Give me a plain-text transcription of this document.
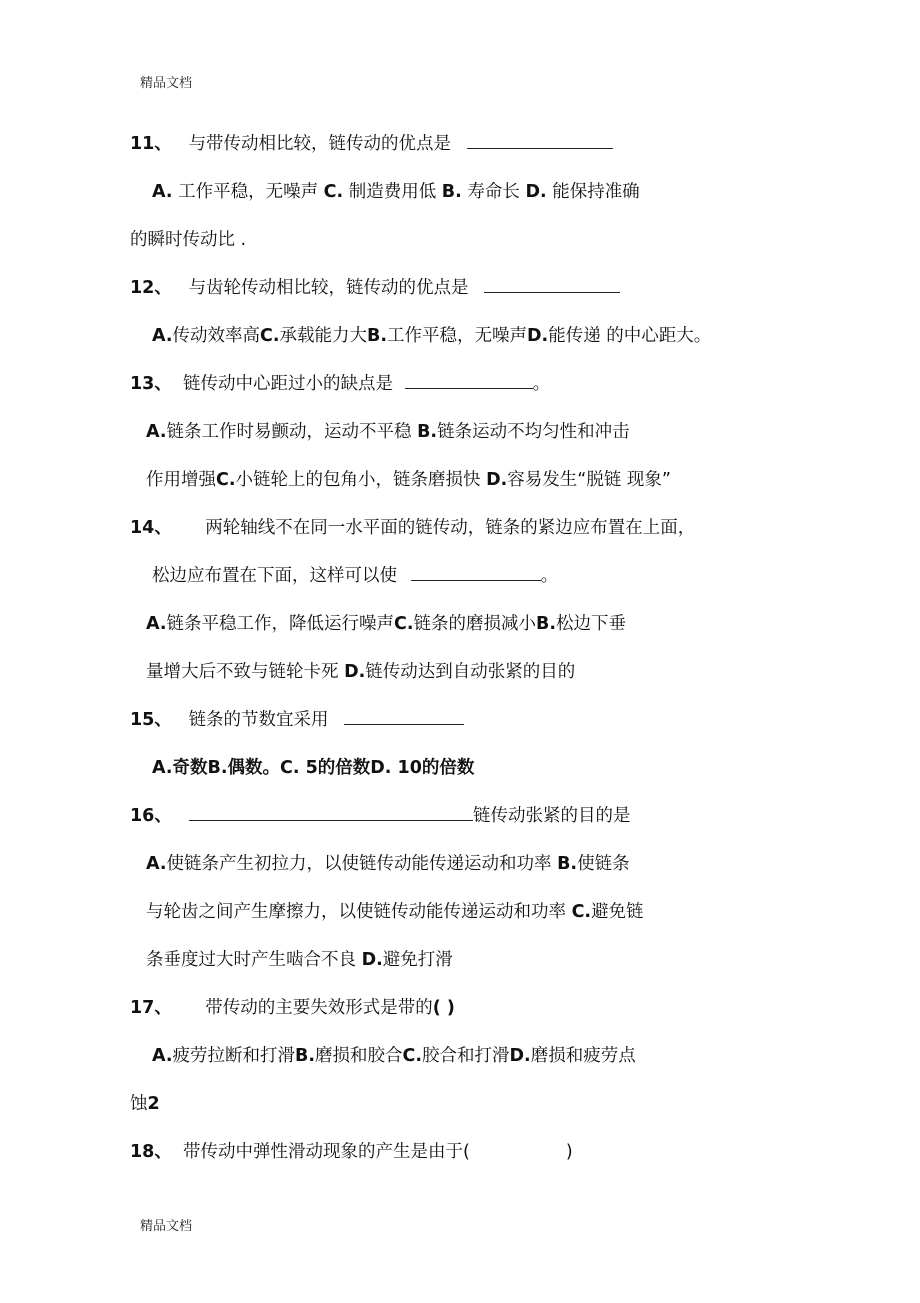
精品文档
11、 与带传动相比较，链传动的优点是
A. 工作平稳，无噪声 C. 制造费用低 B. 寿命长 D. 能保持准确
的瞬时传动比 .
12、 与齿轮传动相比较，链传动的优点是
A.传动效率高C.承载能力大B.工作平稳，无噪声D.能传递 的中心距大。
13、 链传动中心距过小的缺点是	。
A.链条工作时易颤动，运动不平稳 B.链条运动不均匀性和冲击
作用增强C.小链轮上的包角小，链条磨损快 D.容易发生“脱链 现象”
14、 两轮轴线不在同一水平面的链传动，链条的紧边应布置在上面，
松边应布置在下面，这样可以使	。
A.链条平稳工作，降低运行噪声C.链条的磨损减小B.松边下垂
量增大后不致与链轮卡死 D.链传动达到自动张紧的目的
15、 链条的节数宜采用
A.奇数B.偶数。C. 5的倍数D. 10的倍数
16、	链传动张紧的目的是
A.使链条产生初拉力，以使链传动能传递运动和功率 B.使链条
与轮齿之间产生摩擦力，以使链传动能传递运动和功率 C.避免链
条垂度过大时产生啮合不良 D.避免打滑
17、 带传动的主要失效形式是带的( )
A.疲劳拉断和打滑B.磨损和胶合C.胶合和打滑D.磨损和疲劳点
蚀2
18、 带传动中弹性滑动现象的产生是由于(	)
精品文档
